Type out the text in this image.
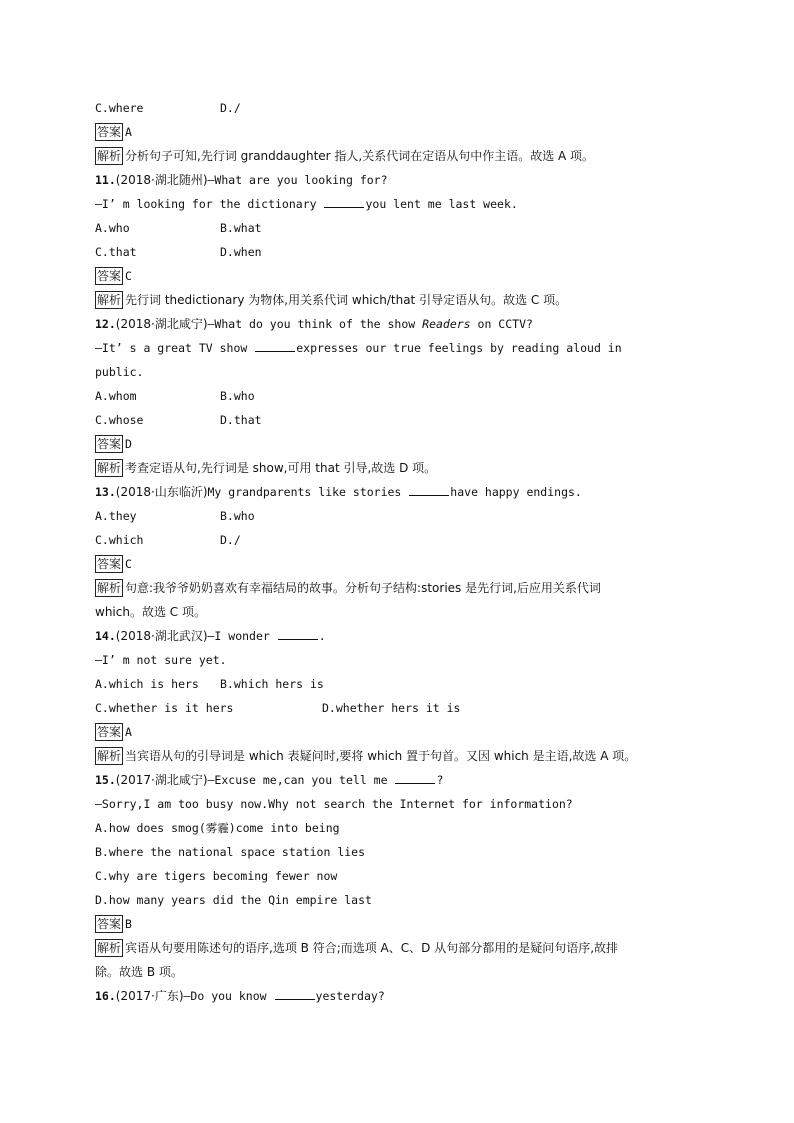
C.where	D./
答案 A
解析 分析句子可知,先行词 granddaughter 指人,关系代词在定语从句中作主语。故选 A 项。
11.(2018·湖北随州)—What are you looking for?
—I’ m looking for the dictionary	you lent me last week.
A.who	B.what
C.that	D.when
答案 C
解析 先行词 thedictionary 为物体,用关系代词 which/that 引导定语从句。故选 C 项。
12.(2018·湖北咸宁)—What do you think of the show Readers on CCTV?
—It’ s a great TV show	expresses our true feelings by reading aloud in
public.
A.whom	B.who
C.whose	D.that
答案 D
解析 考查定语从句,先行词是 show,可用 that 引导,故选 D 项。
13.(2018·山东临沂)My grandparents like stories	have happy endings.
A.they	B.who
C.which	D./
答案 C
解析 句意:我爷爷奶奶喜欢有幸福结局的故事。分析句子结构:stories 是先行词,后应用关系代词
which。故选 C 项。
14.(2018·湖北武汉)—I wonder	.
—I’ m not sure yet.
A.which is hers B.which hers is
C.whether is it hers	D.whether hers it is
答案 A
解析 当宾语从句的引导词是 which 表疑问时,要将 which 置于句首。又因 which 是主语,故选 A 项。
15.(2017·湖北咸宁)—Excuse me,can you tell me	?
—Sorry,I am too busy now.Why not search the Internet for information?
A.how does smog(雾霾)come into being
B.where the national space station lies
C.why are tigers becoming fewer now
D.how many years did the Qin empire last
答案 B
解析 宾语从句要用陈述句的语序,选项 B 符合;而选项 A、C、D 从句部分都用的是疑问句语序,故排
除。故选 B 项。
16.(2017·广东)—Do you know	yesterday?
